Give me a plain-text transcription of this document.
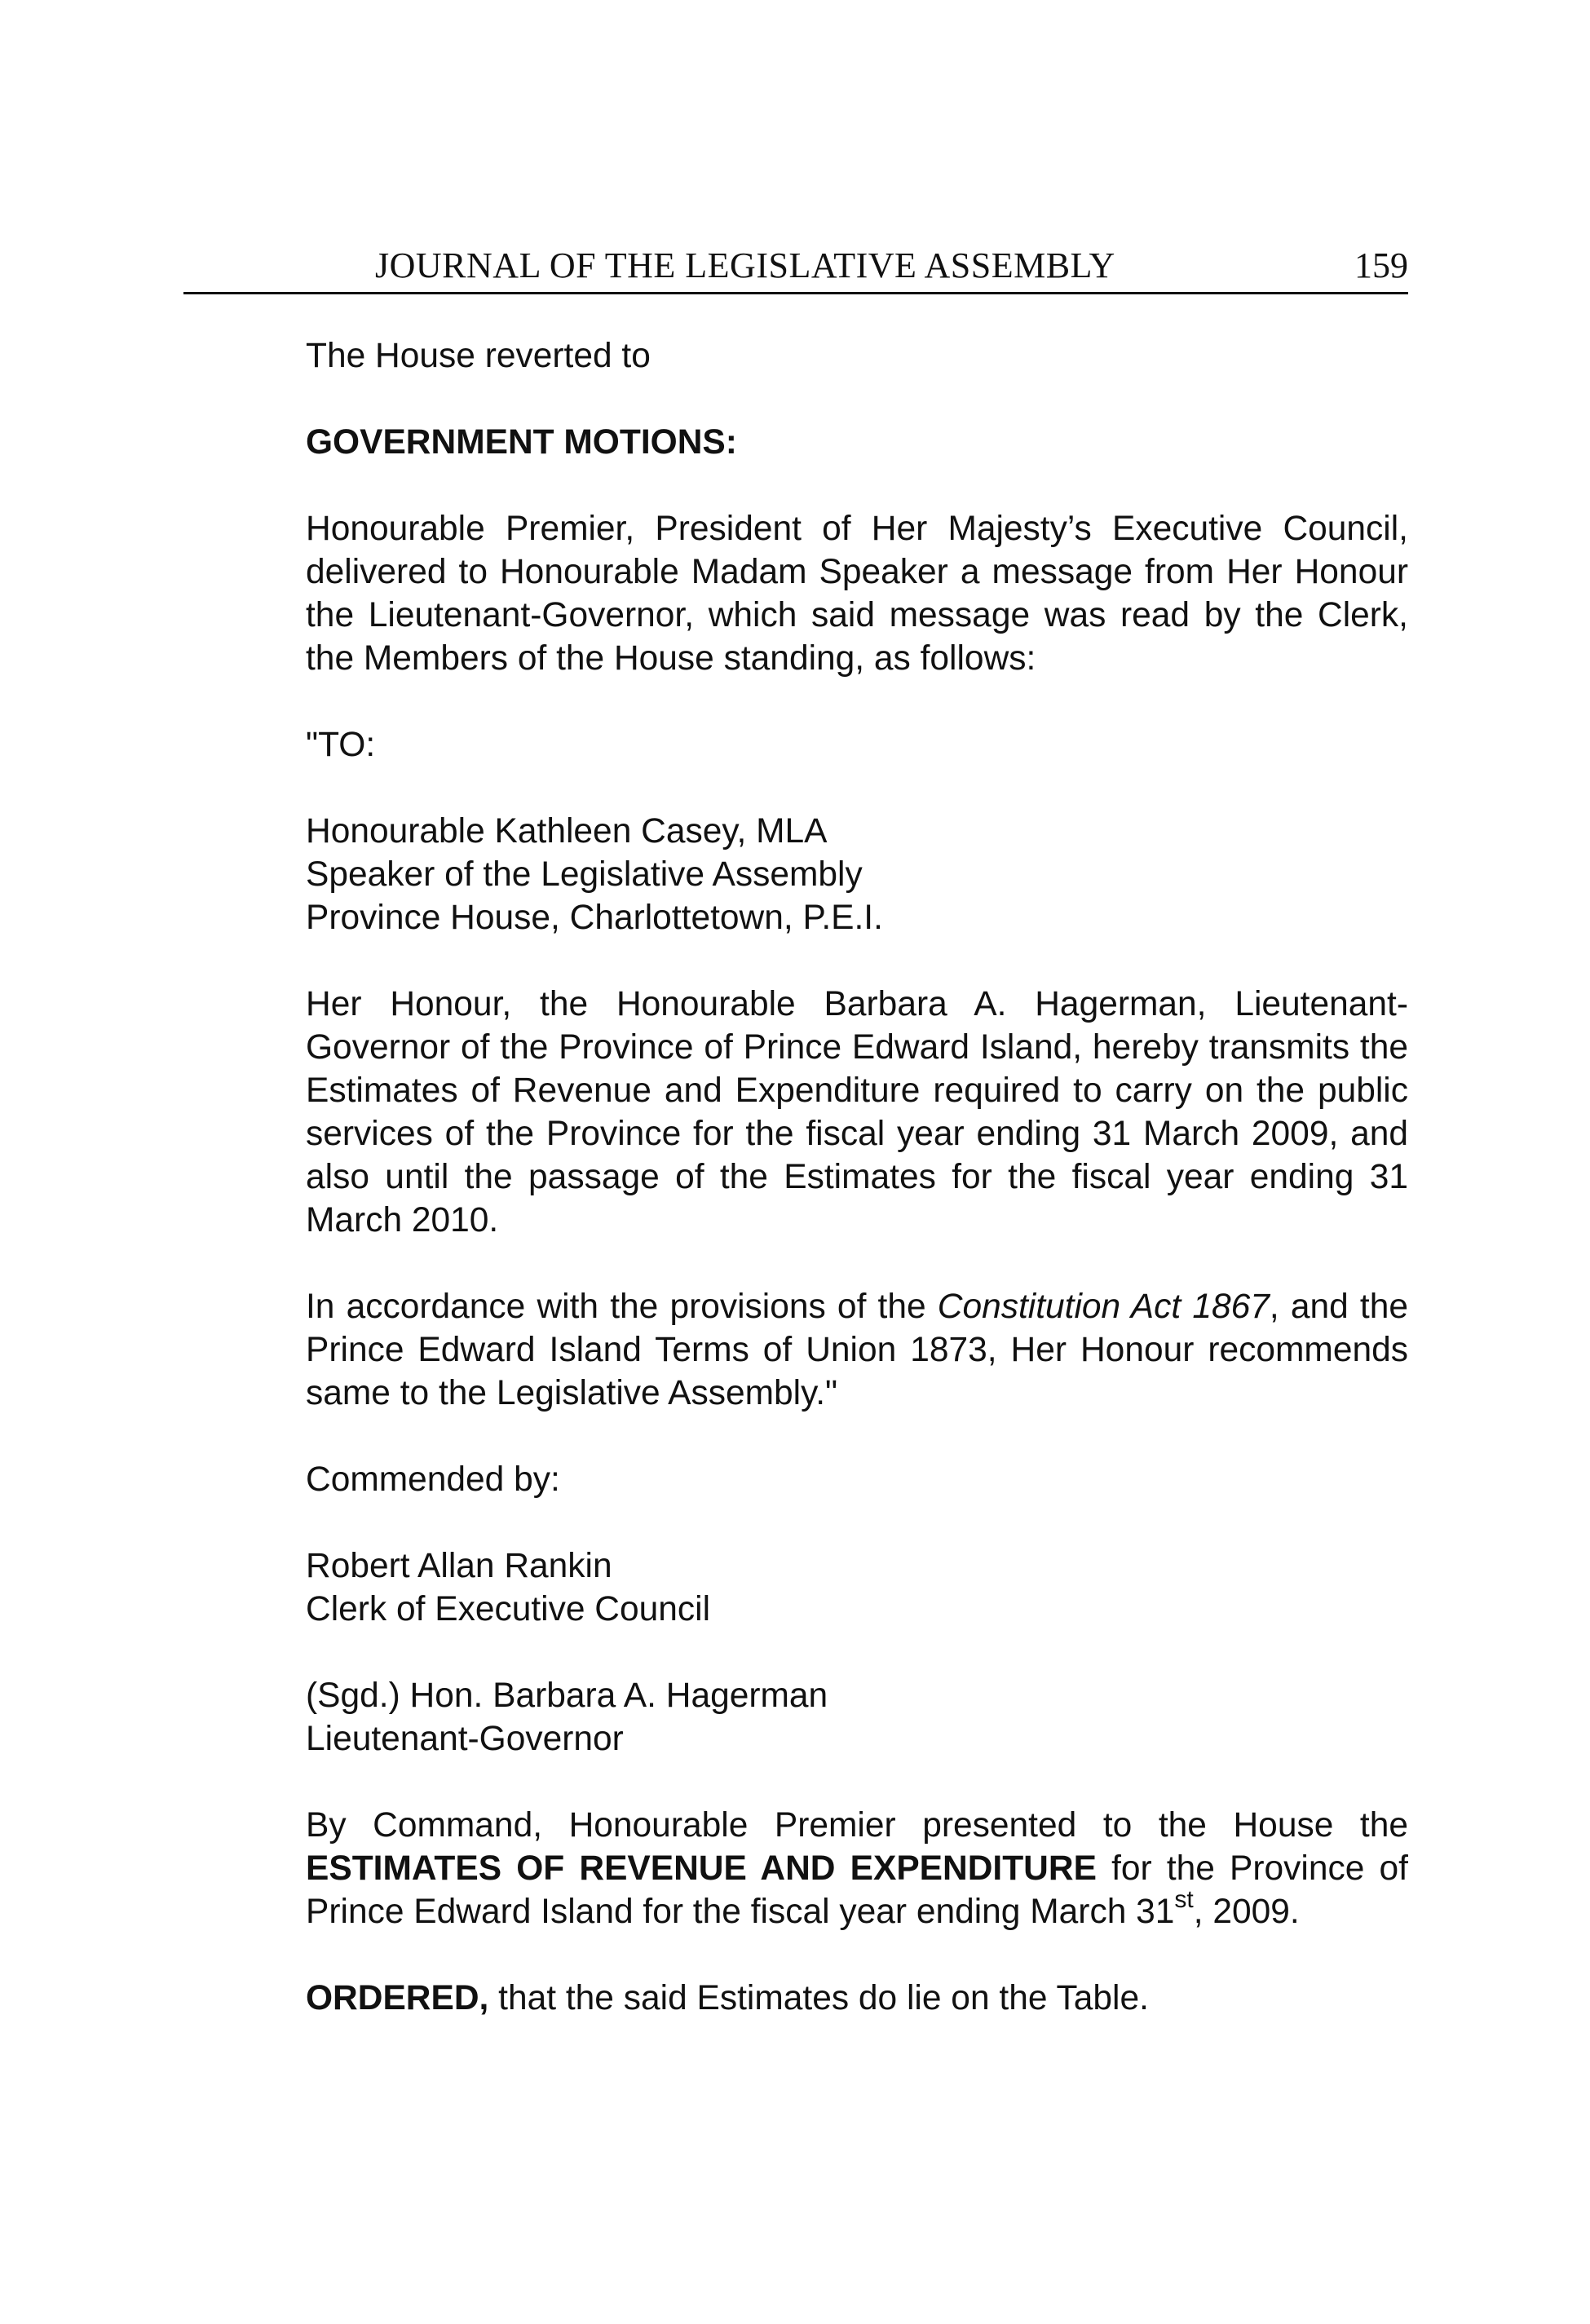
JOURNAL OF THE LEGISLATIVE ASSEMBLY	159

The House reverted to

GOVERNMENT MOTIONS:

Honourable Premier, President of Her Majesty’s Executive Council, delivered to Honourable Madam Speaker a message from Her Honour the Lieutenant-Governor, which said message was read by the Clerk, the Members of the House standing, as follows:

"TO:

Honourable Kathleen Casey, MLA

Speaker of the Legislative Assembly

Province House, Charlottetown, P.E.I.

Her Honour, the Honourable Barbara A. Hagerman, Lieutenant-Governor of the Province of Prince Edward Island, hereby transmits the Estimates of Revenue and Expenditure required to carry on the public services of the Province for the fiscal year ending 31 March 2009, and also until the passage of the Estimates for the fiscal year ending 31 March 2010.

In accordance with the provisions of the Constitution Act 1867, and the Prince Edward Island Terms of Union 1873, Her Honour recommends same to the Legislative Assembly."

Commended by:

Robert Allan Rankin

Clerk of Executive Council

(Sgd.) Hon. Barbara A. Hagerman

Lieutenant-Governor

By Command, Honourable Premier presented to the House the ESTIMATES OF REVENUE AND EXPENDITURE for the Province of Prince Edward Island for the fiscal year ending March 31st, 2009.

ORDERED, that the said Estimates do lie on the Table.
